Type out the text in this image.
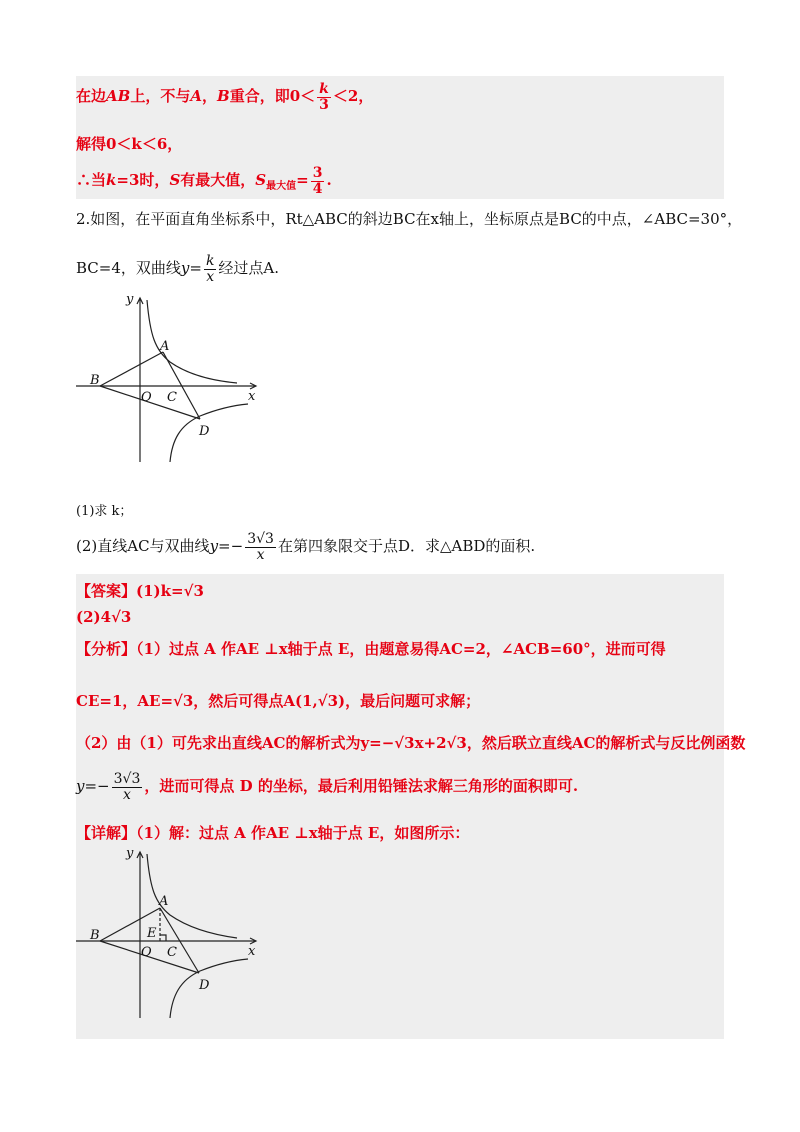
在边AB上，不与A，B重合，即$0< \frac{k}{3} <2$，
解得0＜k＜6，
∴当k=3时，S有最大值，$S_{最大值}= \frac{3}{4}$ .
2.如图，在平面直角坐标系中，Rt△ABC的斜边BC在x轴上，坐标原点是BC的中点，∠ABC=30°，
BC=4，双曲线$y= \frac{k}{x}$ 经过点A.
y
x
A
B
O C
D
(1)求 k；
(2)直线AC与双曲线$y=- \frac{3√3}{x}$ 在第四象限交于点D．求△ABD的面积.
【答案】(1)k=√3
(2)4√3
【分析】（1）过点 A 作AE ⊥x轴于点 E，由题意易得AC=2，∠ACB=60°，进而可得
CE=1，AE=√3，然后可得点A(1,√3)，最后问题可求解；
（2）由（1）可先求出直线AC的解析式为y=−√3x+2√3，然后联立直线AC的解析式与反比例函数
$y=- \frac{3√3}{x}$ ，进而可得点 D 的坐标，最后利用铅锤法求解三角形的面积即可.
【详解】（1）解：过点 A 作AE ⊥x轴于点 E，如图所示：
y
x
A
B	E
O C
D
